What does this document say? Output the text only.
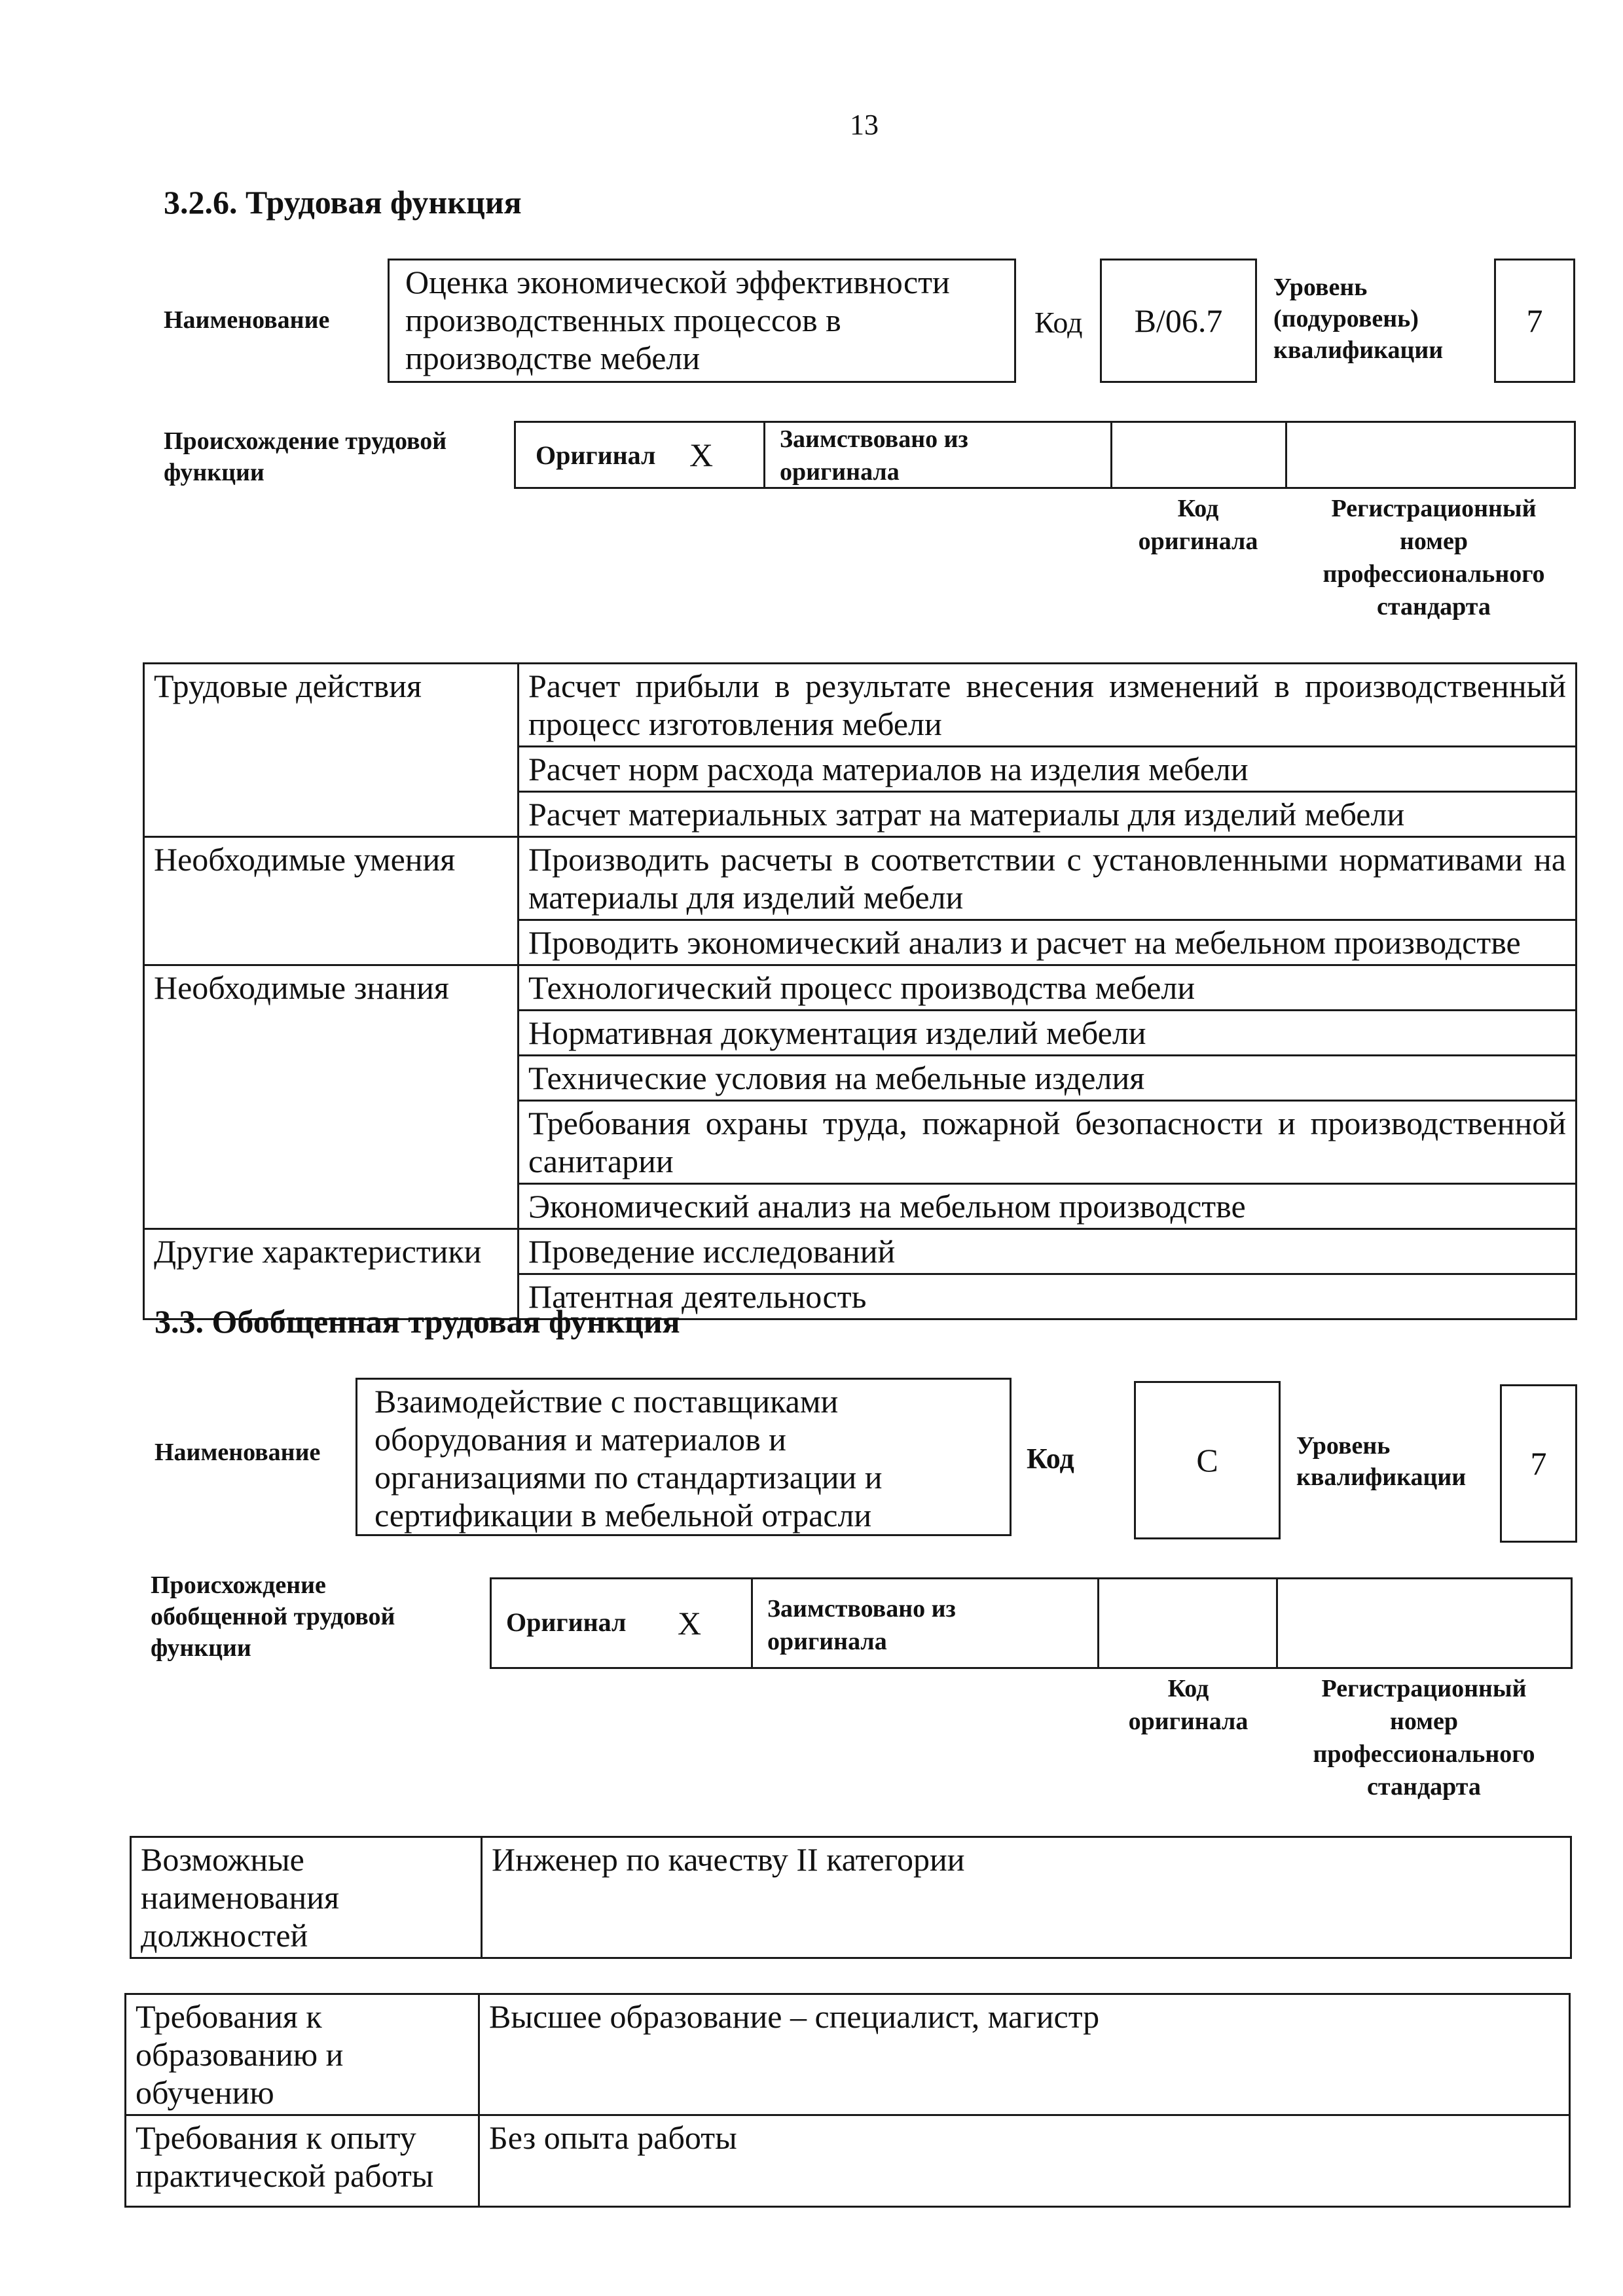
13
3.2.6. Трудовая функция
Наименование
Оценка экономической эффективности производственных процессов в производстве мебели
Код B/06.7
Уровень (подуровень) квалификации
7
Происхождение трудовой функции
Оригинал X	Заимствовано из оригинала
Код оригинала
Регистрационный номер профессионального стандарта
Трудовые действия	Расчет прибыли в результате внесения изменений в производственный процесс изготовления мебели
	Расчет норм расхода материалов на изделия мебели
	Расчет материальных затрат на материалы для изделий мебели
Необходимые умения	Производить расчеты в соответствии с установленными нормативами на материалы для изделий мебели
	Проводить экономический анализ и расчет на мебельном производстве
Необходимые знания	Технологический процесс производства мебели
	Нормативная документация изделий мебели
	Технические условия на мебельные изделия
	Требования охраны труда, пожарной безопасности и производственной санитарии
	Экономический анализ на мебельном производстве
Другие характеристики	Проведение исследований
	Патентная деятельность
3.3. Обобщенная трудовая функция
Наименование
Взаимодействие с поставщиками оборудования и материалов и организациями по стандартизации и сертификации в мебельной отрасли
Код	С	Уровень квалификации	7
Происхождение обобщенной трудовой функции
Оригинал X	Заимствовано из оригинала
Код оригинала
Регистрационный номер профессионального стандарта
Возможные наименования должностей	Инженер по качеству II категории
Требования к образованию и обучению	Высшее образование – специалист, магистр
Требования к опыту практической работы	Без опыта работы
